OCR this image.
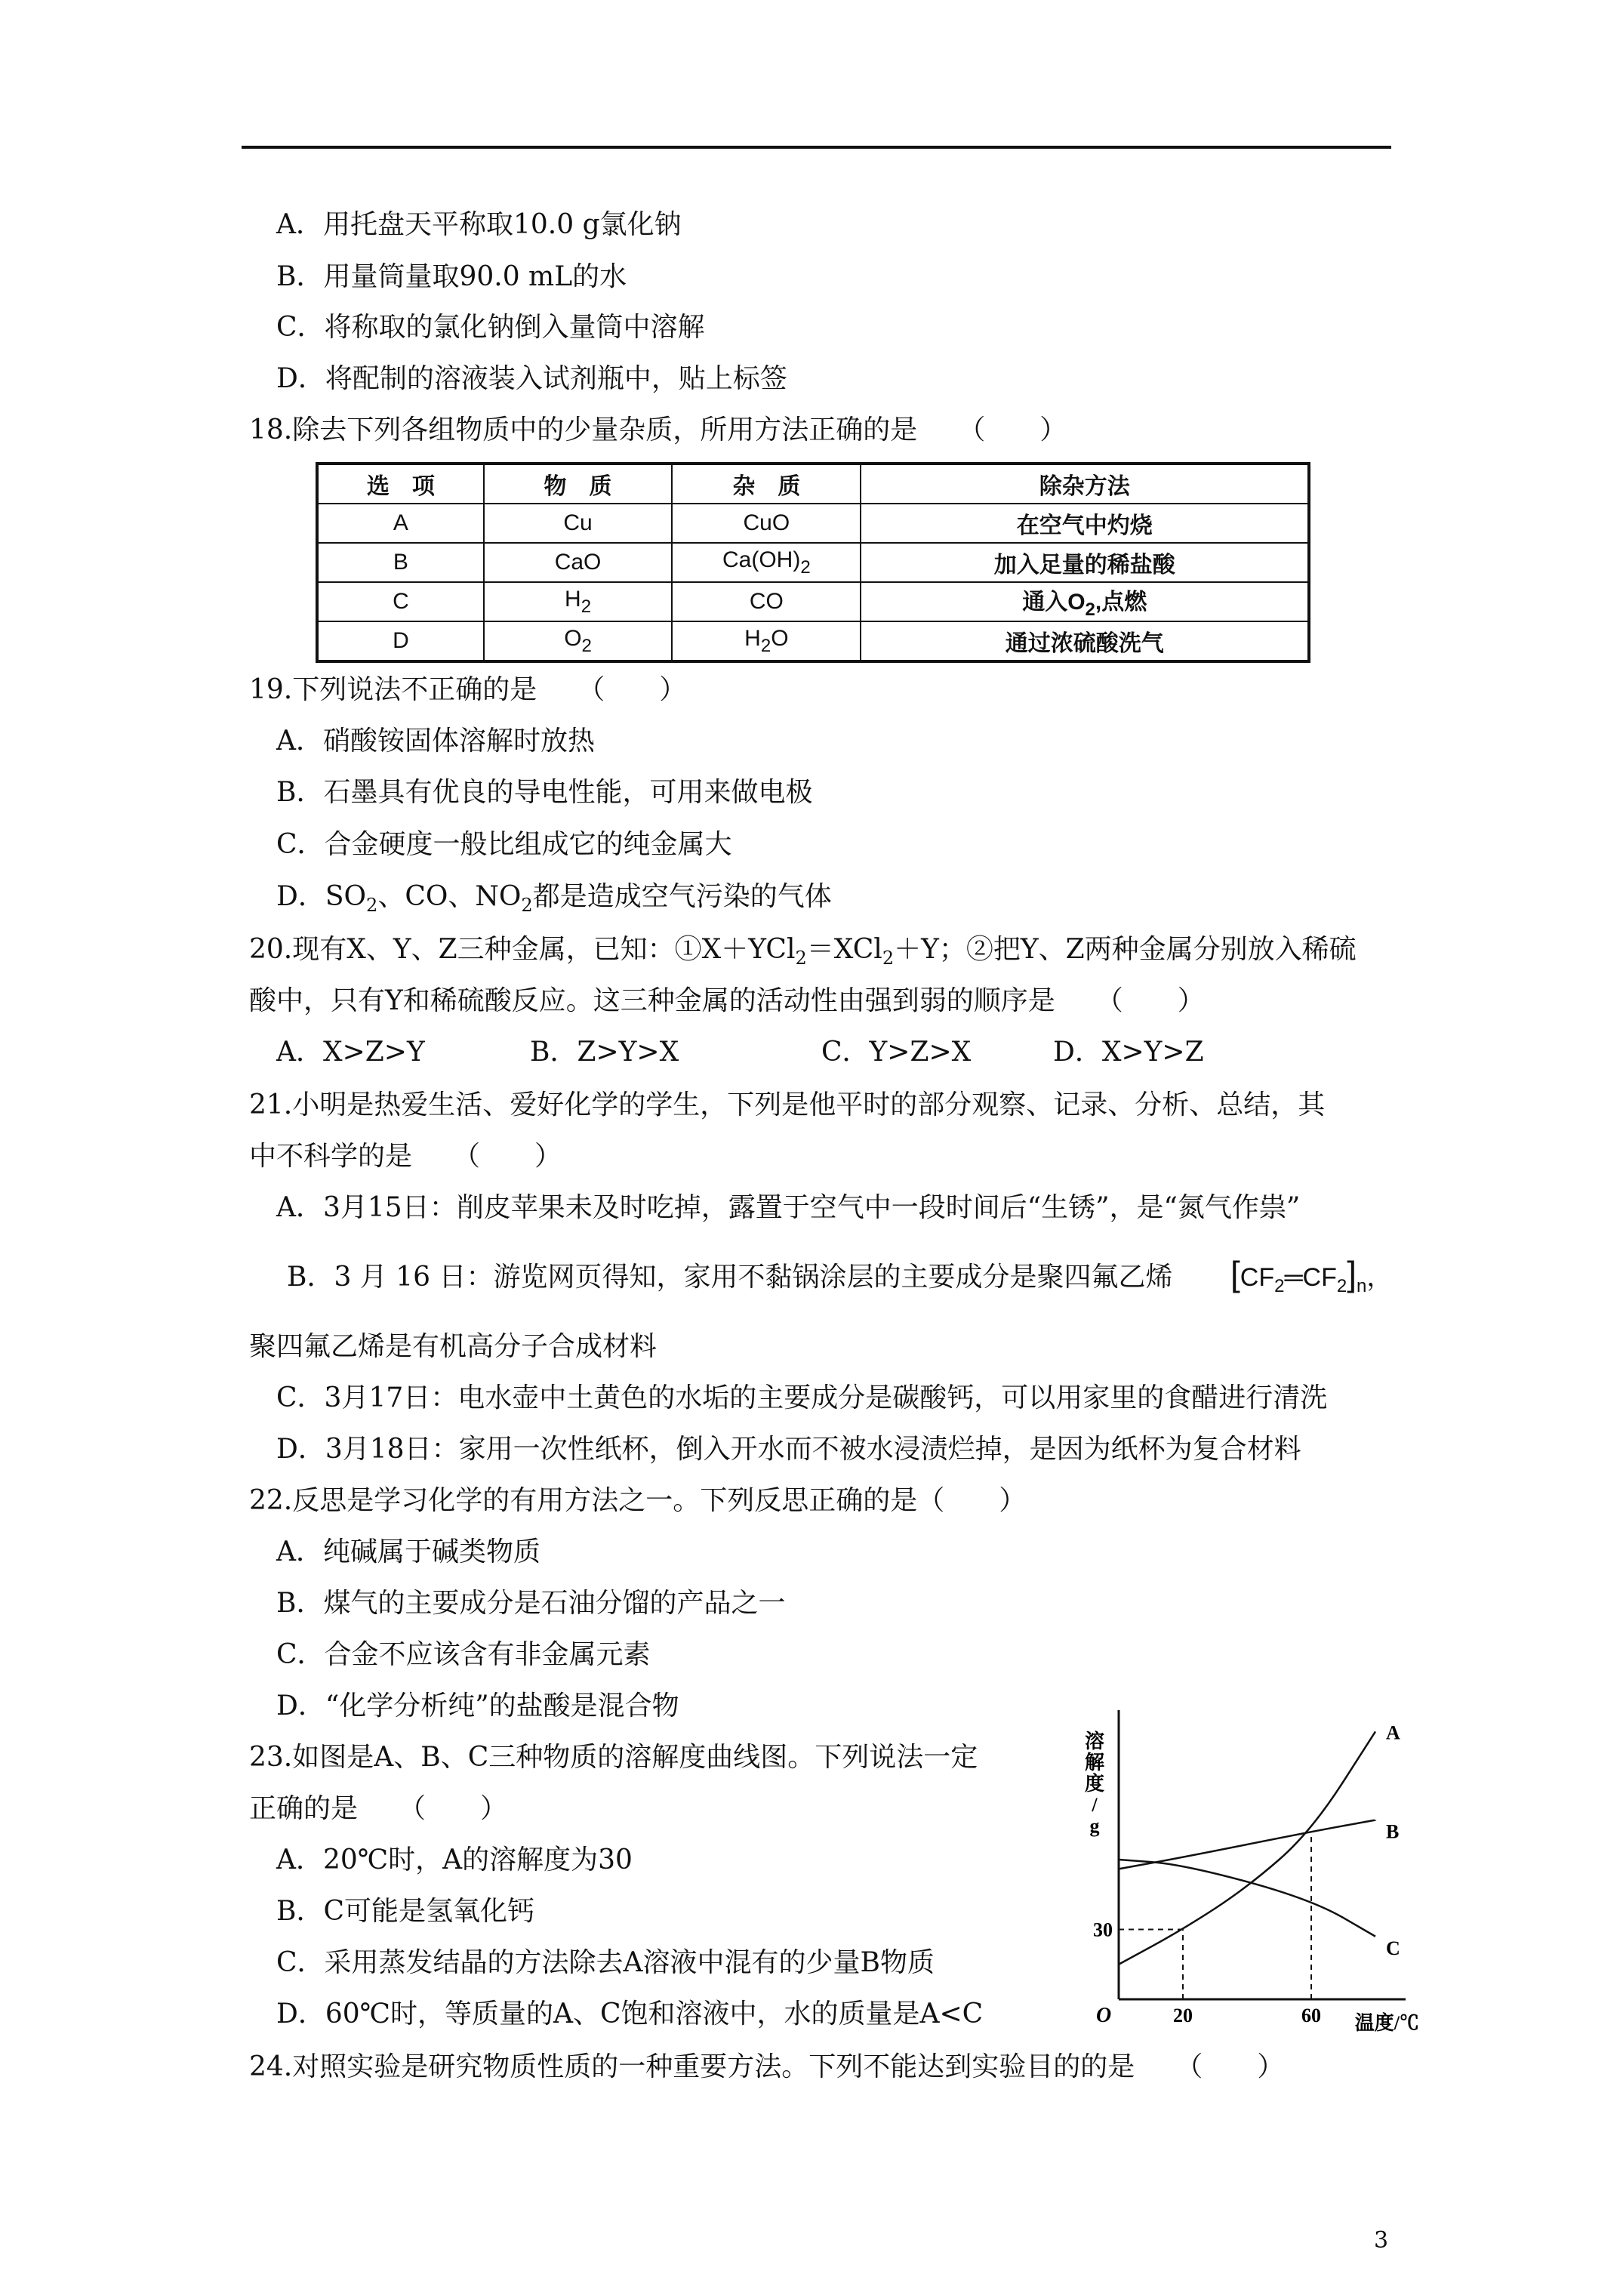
A．用托盘天平称取10.0 g氯化钠
B．用量筒量取90.0 mL的水
C．将称取的氯化钠倒入量筒中溶解
D．将配制的溶液装入试剂瓶中，贴上标签
18.除去下列各组物质中的少量杂质，所用方法正确的是　　（　　）
选　项	物　质	杂　质	除杂方法
A	Cu	CuO	在空气中灼烧
B	CaO	$Ca(OH)_2$	加入足量的稀盐酸
C	$H_2$	CO	通入$O_2$,点燃
D	$O_2$	$H_2O$	通过浓硫酸洗气
19.下列说法不正确的是　　（　　）
A．硝酸铵固体溶解时放热
B．石墨具有优良的导电性能，可用来做电极
C．合金硬度一般比组成它的纯金属大
D．$SO_2$、CO、$NO_2$都是造成空气污染的气体
20.现有X、Y、Z三种金属，已知：①X＋YCl$_2$＝XCl$_2$＋Y；②把Y、Z两种金属分别放入稀硫
酸中，只有Y和稀硫酸反应。这三种金属的活动性由强到弱的顺序是　　（　　）
A．X>Z>Y	B．Z>Y>X	C．Y>Z>X	D．X>Y>Z
21.小明是热爱生活、爱好化学的学生，下列是他平时的部分观察、记录、分析、总结，其
中不科学的是　　（　　）
A．3月15日：削皮苹果未及时吃掉，露置于空气中一段时间后“生锈”，是“氮气作祟”
B．3 月 16 日：游览网页得知，家用不黏锅涂层的主要成分是聚四氟乙烯 $[CF_2═CF_2]_n$，
聚四氟乙烯是有机高分子合成材料
C．3月17日：电水壶中土黄色的水垢的主要成分是碳酸钙，可以用家里的食醋进行清洗
D．3月18日：家用一次性纸杯，倒入开水而不被水浸渍烂掉，是因为纸杯为复合材料
22.反思是学习化学的有用方法之一。下列反思正确的是（　　）
A．纯碱属于碱类物质
B．煤气的主要成分是石油分馏的产品之一
C．合金不应该含有非金属元素
D．“化学分析纯”的盐酸是混合物
23.如图是A、B、C三种物质的溶解度曲线图。下列说法一定
正确的是　　（　　）
A．20℃时，A的溶解度为30
B．C可能是氢氧化钙
C．采用蒸发结晶的方法除去A溶液中混有的少量B物质
D．60℃时，等质量的A、C饱和溶液中，水的质量是A<C
溶
解
度
/
g
温度/℃
O	20	60
30
A
B
C
24.对照实验是研究物质性质的一种重要方法。下列不能达到实验目的的是　　（　　）
3
